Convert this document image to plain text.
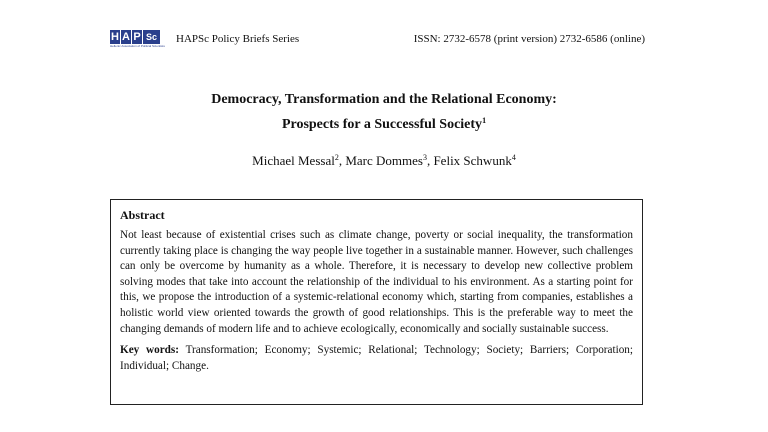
H A P Sc
Hellenic Association of Political Scientists
HAPSc Policy Briefs Series	ISSN: 2732-6578 (print version) 2732-6586 (online)
Democracy, Transformation and the Relational Economy:
Prospects for a Successful Society$^1$
Michael Messal$^2$, Marc Dommes$^3$, Felix Schwunk$^4$
Abstract

Not least because of existential crises such as climate change, poverty or social inequality, the transformation currently taking place is changing the way people live together in a sustainable manner. However, such challenges can only be overcome by humanity as a whole. Therefore, it is necessary to develop new collective problem solving modes that take into account the relationship of the individual to his environment. As a starting point for this, we propose the introduction of a systemic-relational economy which, starting from companies, establishes a holistic world view oriented towards the growth of good relationships. This is the preferable way to meet the changing demands of modern life and to achieve ecologically, economically and socially sustainable success.

Key words: Transformation; Economy; Systemic; Relational; Technology; Society; Barriers; Corporation; Individual; Change.
